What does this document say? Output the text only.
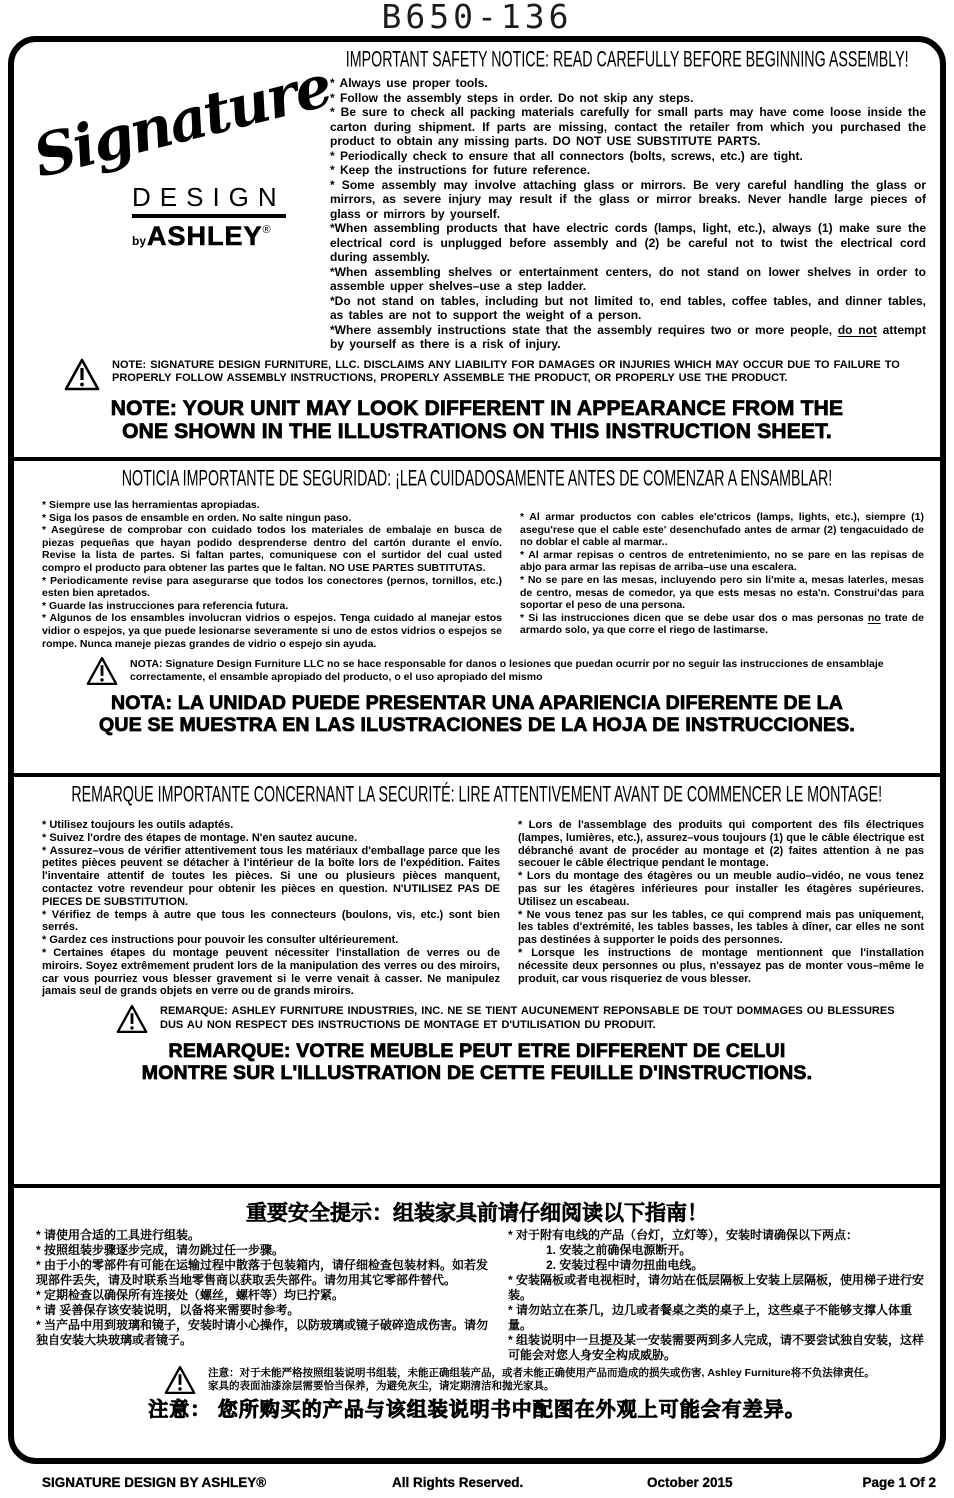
B650-136
IMPORTANT SAFETY NOTICE: READ CAREFULLY BEFORE BEGINNING ASSEMBLY!
Signature
DESIGN
byASHLEY®
* Always use proper tools.
* Follow the assembly steps in order. Do not skip any steps.
* Be sure to check all packing materials carefully for small parts may have come loose inside the carton during shipment. If parts are missing, contact the retailer from which you purchased the product to obtain any missing parts. DO NOT USE SUBSTITUTE PARTS.
* Periodically check to ensure that all connectors (bolts, screws, etc.) are tight.
* Keep the instructions for future reference.
* Some assembly may involve attaching glass or mirrors. Be very careful handling the glass or mirrors, as severe injury may result if the glass or mirror breaks. Never handle large pieces of glass or mirrors by yourself.
*When assembling products that have electric cords (lamps, light, etc.), always (1) make sure the electrical cord is unplugged before assembly and (2) be careful not to twist the electrical cord during assembly.
*When assembling shelves or entertainment centers, do not stand on lower shelves in order to assemble upper shelves–use a step ladder.
*Do not stand on tables, including but not limited to, end tables, coffee tables, and dinner tables, as tables are not to support the weight of a person.
*Where assembly instructions state that the assembly requires two or more people, do not attempt by yourself as there is a risk of injury.
NOTE: SIGNATURE DESIGN FURNITURE, LLC. DISCLAIMS ANY LIABILITY FOR DAMAGES OR INJURIES WHICH MAY OCCUR DUE TO FAILURE TO PROPERLY FOLLOW ASSEMBLY INSTRUCTIONS, PROPERLY ASSEMBLE THE PRODUCT, OR PROPERLY USE THE PRODUCT.
NOTE: YOUR UNIT MAY LOOK DIFFERENT IN APPEARANCE FROM THE
ONE SHOWN IN THE ILLUSTRATIONS ON THIS INSTRUCTION SHEET.
NOTICIA IMPORTANTE DE SEGURIDAD: ¡LEA CUIDADOSAMENTE ANTES DE COMENZAR A ENSAMBLAR!
* Siempre use las herramientas apropiadas.
* Siga los pasos de ensamble en orden. No salte ningun paso.
* Asegúrese de comprobar con cuidado todos los materiales de embalaje en busca de piezas pequeñas que hayan podido desprenderse dentro del cartón durante el envío. Revise la lista de partes. Si faltan partes, comuniquese con el surtidor del cual usted compro el producto para obtener las partes que le faltan. NO USE PARTES SUBTITUTAS.
* Periodicamente revise para asegurarse que todos los conectores (pernos, tornillos, etc.) esten bien apretados.
* Guarde las instrucciones para referencia futura.
* Algunos de los ensambles involucran vidrios o espejos. Tenga cuidado al manejar estos vidior o espejos, ya que puede lesionarse severamente si uno de estos vidrios o espejos se rompe. Nunca maneje piezas grandes de vidrio o espejo sin ayuda.
* Al armar productos con cables ele'ctricos (lamps, lights, etc.), siempre (1) asegu'rese que el cable este' desenchufado antes de armar (2) tengacuidado de no doblar el cable al marmar..
* Al armar repisas o centros de entretenimiento, no se pare en las repisas de abjo para armar las repisas de arriba–use una escalera.
* No se pare en las mesas, incluyendo pero sin li'mite a, mesas laterles, mesas de centro, mesas de comedor, ya que ests mesas no esta'n. Construi'das para soportar el peso de una persona.
* Si las instrucciones dicen que se debe usar dos o mas personas no trate de armardo solo, ya que corre el riego de lastimarse.
NOTA: Signature Design Furniture LLC no se hace responsable for danos o lesiones que puedan ocurrir por no seguir las instrucciones de ensamblaje correctamente, el ensamble apropiado del producto, o el uso apropiado del mismo
NOTA: LA UNIDAD PUEDE PRESENTAR UNA APARIENCIA DIFERENTE DE LA
QUE SE MUESTRA EN LAS ILUSTRACIONES DE LA HOJA DE INSTRUCCIONES.
REMARQUE IMPORTANTE CONCERNANT LA SECURITÉ: LIRE ATTENTIVEMENT AVANT DE COMMENCER LE MONTAGE!
* Utilisez toujours les outils adaptés.
* Suivez l'ordre des étapes de montage. N'en sautez aucune.
* Assurez–vous de vérifier attentivement tous les matériaux d'emballage parce que les petites pièces peuvent se détacher à l'intérieur de la boîte lors de l'expédition. Faites l'inventaire attentif de toutes les pièces. Si une ou plusieurs pièces manquent, contactez votre revendeur pour obtenir les pièces en question. N'UTILISEZ PAS DE PIECES DE SUBSTITUTION.
* Vérifiez de temps à autre que tous les connecteurs (boulons, vis, etc.) sont bien serrés.
* Gardez ces instructions pour pouvoir les consulter ultérieurement.
* Certaines étapes du montage peuvent nécessiter l'installation de verres ou de miroirs. Soyez extrêmement prudent lors de la manipulation des verres ou des miroirs, car vous pourriez vous blesser gravement si le verre venait à casser. Ne manipulez jamais seul de grands objets en verre ou de grands miroirs.
* Lors de l'assemblage des produits qui comportent des fils électriques (lampes, lumières, etc.), assurez–vous toujours (1) que le câble électrique est débranché avant de procéder au montage et (2) faites attention à ne pas secouer le câble électrique pendant le montage.
* Lors du montage des étagères ou un meuble audio–vidéo, ne vous tenez pas sur les étagères inférieures pour installer les étagères supérieures. Utilisez un escabeau.
* Ne vous tenez pas sur les tables, ce qui comprend mais pas uniquement, les tables d'extrémité, les tables basses, les tables à dîner, car elles ne sont pas destinées à supporter le poids des personnes.
* Lorsque les instructions de montage mentionnent que l'installation nécessite deux personnes ou plus, n'essayez pas de monter vous–même le produit, car vous risqueriez de vous blesser.
REMARQUE: ASHLEY FURNITURE INDUSTRIES, INC. NE SE TIENT AUCUNEMENT REPONSABLE DE TOUT DOMMAGES OU BLESSURES DUS AU NON RESPECT DES INSTRUCTIONS DE MONTAGE ET D'UTILISATION DU PRODUIT.
REMARQUE: VOTRE MEUBLE PEUT ETRE DIFFERENT DE CELUI
MONTRE SUR L'ILLUSTRATION DE CETTE FEUILLE D'INSTRUCTIONS.
重要安全提示：组装家具前请仔细阅读以下指南！
* 请使用合适的工具进行组装。
* 按照组装步骤逐步完成，请勿跳过任一步骤。
* 由于小的零部件有可能在运输过程中散落于包装箱内，请仔细检查包装材料。如若发现部件丢失，请及时联系当地零售商以获取丢失部件。请勿用其它零部件替代。
* 定期检查以确保所有连接处（螺丝，螺杆等）均已拧紧。
* 请 妥善保存该安装说明，以备将来需要时参考。
* 当产品中用到玻璃和镜子，安装时请小心操作，以防玻璃或镜子破碎造成伤害。请勿独自安装大块玻璃或者镜子。
* 对于附有电线的产品（台灯，立灯等），安装时请确保以下两点：
1. 安装之前确保电源断开。
2. 安装过程中请勿扭曲电线。
* 安装隔板或者电视柜时，请勿站在低层隔板上安装上层隔板，使用梯子进行安装。
* 请勿站立在茶几，边几或者餐桌之类的桌子上，这些桌子不能够支撑人体重量。
* 组装说明中一旦提及某一安装需要两到多人完成，请不要尝试独自安装，这样可能会对您人身安全构成威胁。
注意：对于未能严格按照组装说明书组装，未能正确组装产品，或者未能正确使用产品而造成的损失或伤害, Ashley Furniture将不负法律责任。
家具的表面油漆涂层需要恰当保养，为避免灰尘，请定期清洁和抛光家具。
注意： 您所购买的产品与该组装说明书中配图在外观上可能会有差异。
SIGNATURE DESIGN BY ASHLEY®	All Rights Reserved.	October 2015	Page 1 Of 2
